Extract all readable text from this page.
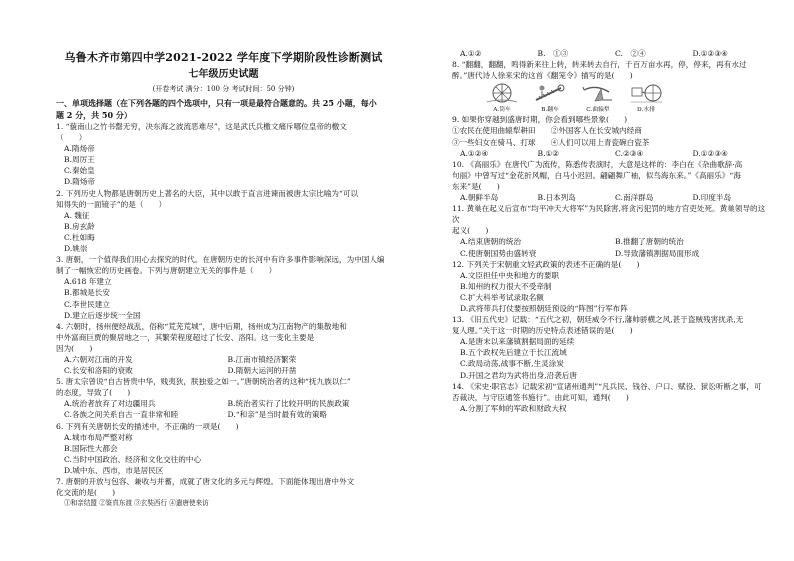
乌鲁木齐市第四中学2021-2022 学年度下学期阶段性诊断测试
七年级历史试题
(开卷考试 满分：100 分 考试时间：50 分钟)
一、单项选择题（在下列各题的四个选项中，只有一项是最符合题意的。共 25 小题，每小
题 2 分，共 50 分）
1. “藐南山之竹书罄无穷，决东海之波流恶难尽”，这是武氏兵檄文痛斥哪位皇帝的檄文
（　　）
A.隋炀帝
B.周厉王
C.秦始皇
D.隋炀帝
2. 下列历史人物都是唐朝历史上著名的大臣，其中以敢于直言进谏而被唐太宗比喻为“可以
知得失的一面镜子”的是（　　）
A. 魏征
B.房玄龄
C.杜如晦
D.姚崇
3. 唐朝，一个值得我们用心去探究的时代。在唐朝历史的长河中有许多事件影响深远，为中国人编
制了一幅恢宏的历史画卷。下列与唐朝建立无关的事件是（　　）
A.618 年建立
B.都城是长安
C.李世民建立
D.建立后逐步统一全国
4. 六朝时，扬州便经战乱，俗称“荒芜荒城”，唐中后期，扬州成为江南物产的集散地和
中外富商巨贾的聚居地之一，其繁荣程度超过了长安、洛阳。这一变化主要是
因为(　　)
A.六朝对江南的开发	B.江南市镇经济繁荣
C.长安和洛阳的衰败	D.隋朝大运河的开凿
5. 唐太宗曾说“自古皆贵中华，贱夷狄，朕独爱之如一。”唐朝统治者的这种“抚九族以仁”
的态度，导致了(　　)
A.统治者放弃了对边疆用兵	B.统治者实行了比较开明的民族政策
C.各族之间关系自古一直非常和睦	D.“和亲”是当时最有效的策略
6. 下列有关唐朝长安的描述中，不正确的一项是(　　)
A.城市布局严整对称
B.国际性大都会
C.当时中国政治、经济和文化交往的中心
D.城中东、西市，市是居民区
7. 唐朝的开放与包容、兼收与并蓄，成就了唐文化的多元与辉煌。下面能体现出唐中外文
化交流的是(　　)
①和亲结盟 ②鉴真东渡 ③玄奘西行 ④遣唐使来访
A.①②	B.　①③	C.　②④	D.①②③④
8. “翻翻，翻翻，鸣得新来往上转，转来转去自行，千百万亩水再，停，停来，再有水过
醉。”唐代诗人徐来宋的这首《翻笼令》描写的是(　　)
A.筒车	B.翻车	C.曲辕犁	D.水排
9. 如果你穿越到盛唐时期，你会看到哪些景象(　　)
①农民在使用曲辕犁耕田　　②外国客人在长安城内经商
③一些妇女在骑马、打球　　④人们可以用上青瓷碗白瓷茶
A.①②④	B.①②	C.②③④	D.①②③④
10. 《高丽乐》在唐代广为流传，陈悉传表演时，大意是这样的：李白在《杂曲歌辞·高
句丽》中曾写过“金花折风帽，白马小迟回。翩翩舞广袖，似鸟海东来。”《高丽乐》“海
东来”是(　　)
A.朝鲜半岛	B.日本列岛	C.南洋群岛	D.印度半岛
11. 黄巢在起义后宣布“均平冲天大将军”为民除害,将贪污犯罚的地方官吏处死。黄巢领导的这次
起义(　　)
A.结束唐朝的统治	B.推翻了唐朝的统治
C.使唐朝国势由盛转衰	D.导致藩镇割据局面形成
12. 下列关于宋朝重文轻武政策的表述不正确的是(　　)
A.文臣担任中央和地方的要职
B.知州的权力很大不受牵制
C.扩大科举考试录取名额
D.武将带兵打仗要按照朝廷预设的“阵图”行军布阵
13. 《旧五代史》记载：“五代之初，朝廷威令不行,藩帅骄横之风,甚于盗贼残害扰杀,无
复人理。”关于这一时期的历史特点表述错误的是(　　)
A.是唐末以来藩镇割据局面的延续
B.五个政权先后建立于长江流域
C.政局动荡,战事不断,生灵涂炭
D.开国之君均为武将出身,沿袭后唐
14. 《宋史·职官志》记载宋初“宣诸州通判”“凡兵民、钱谷、户口、赋役、狱讼听断之事，可
否裁决，与守臣通签书施行”。由此可知，通判(　　)
A.分割了军帅的军政和财政大权
